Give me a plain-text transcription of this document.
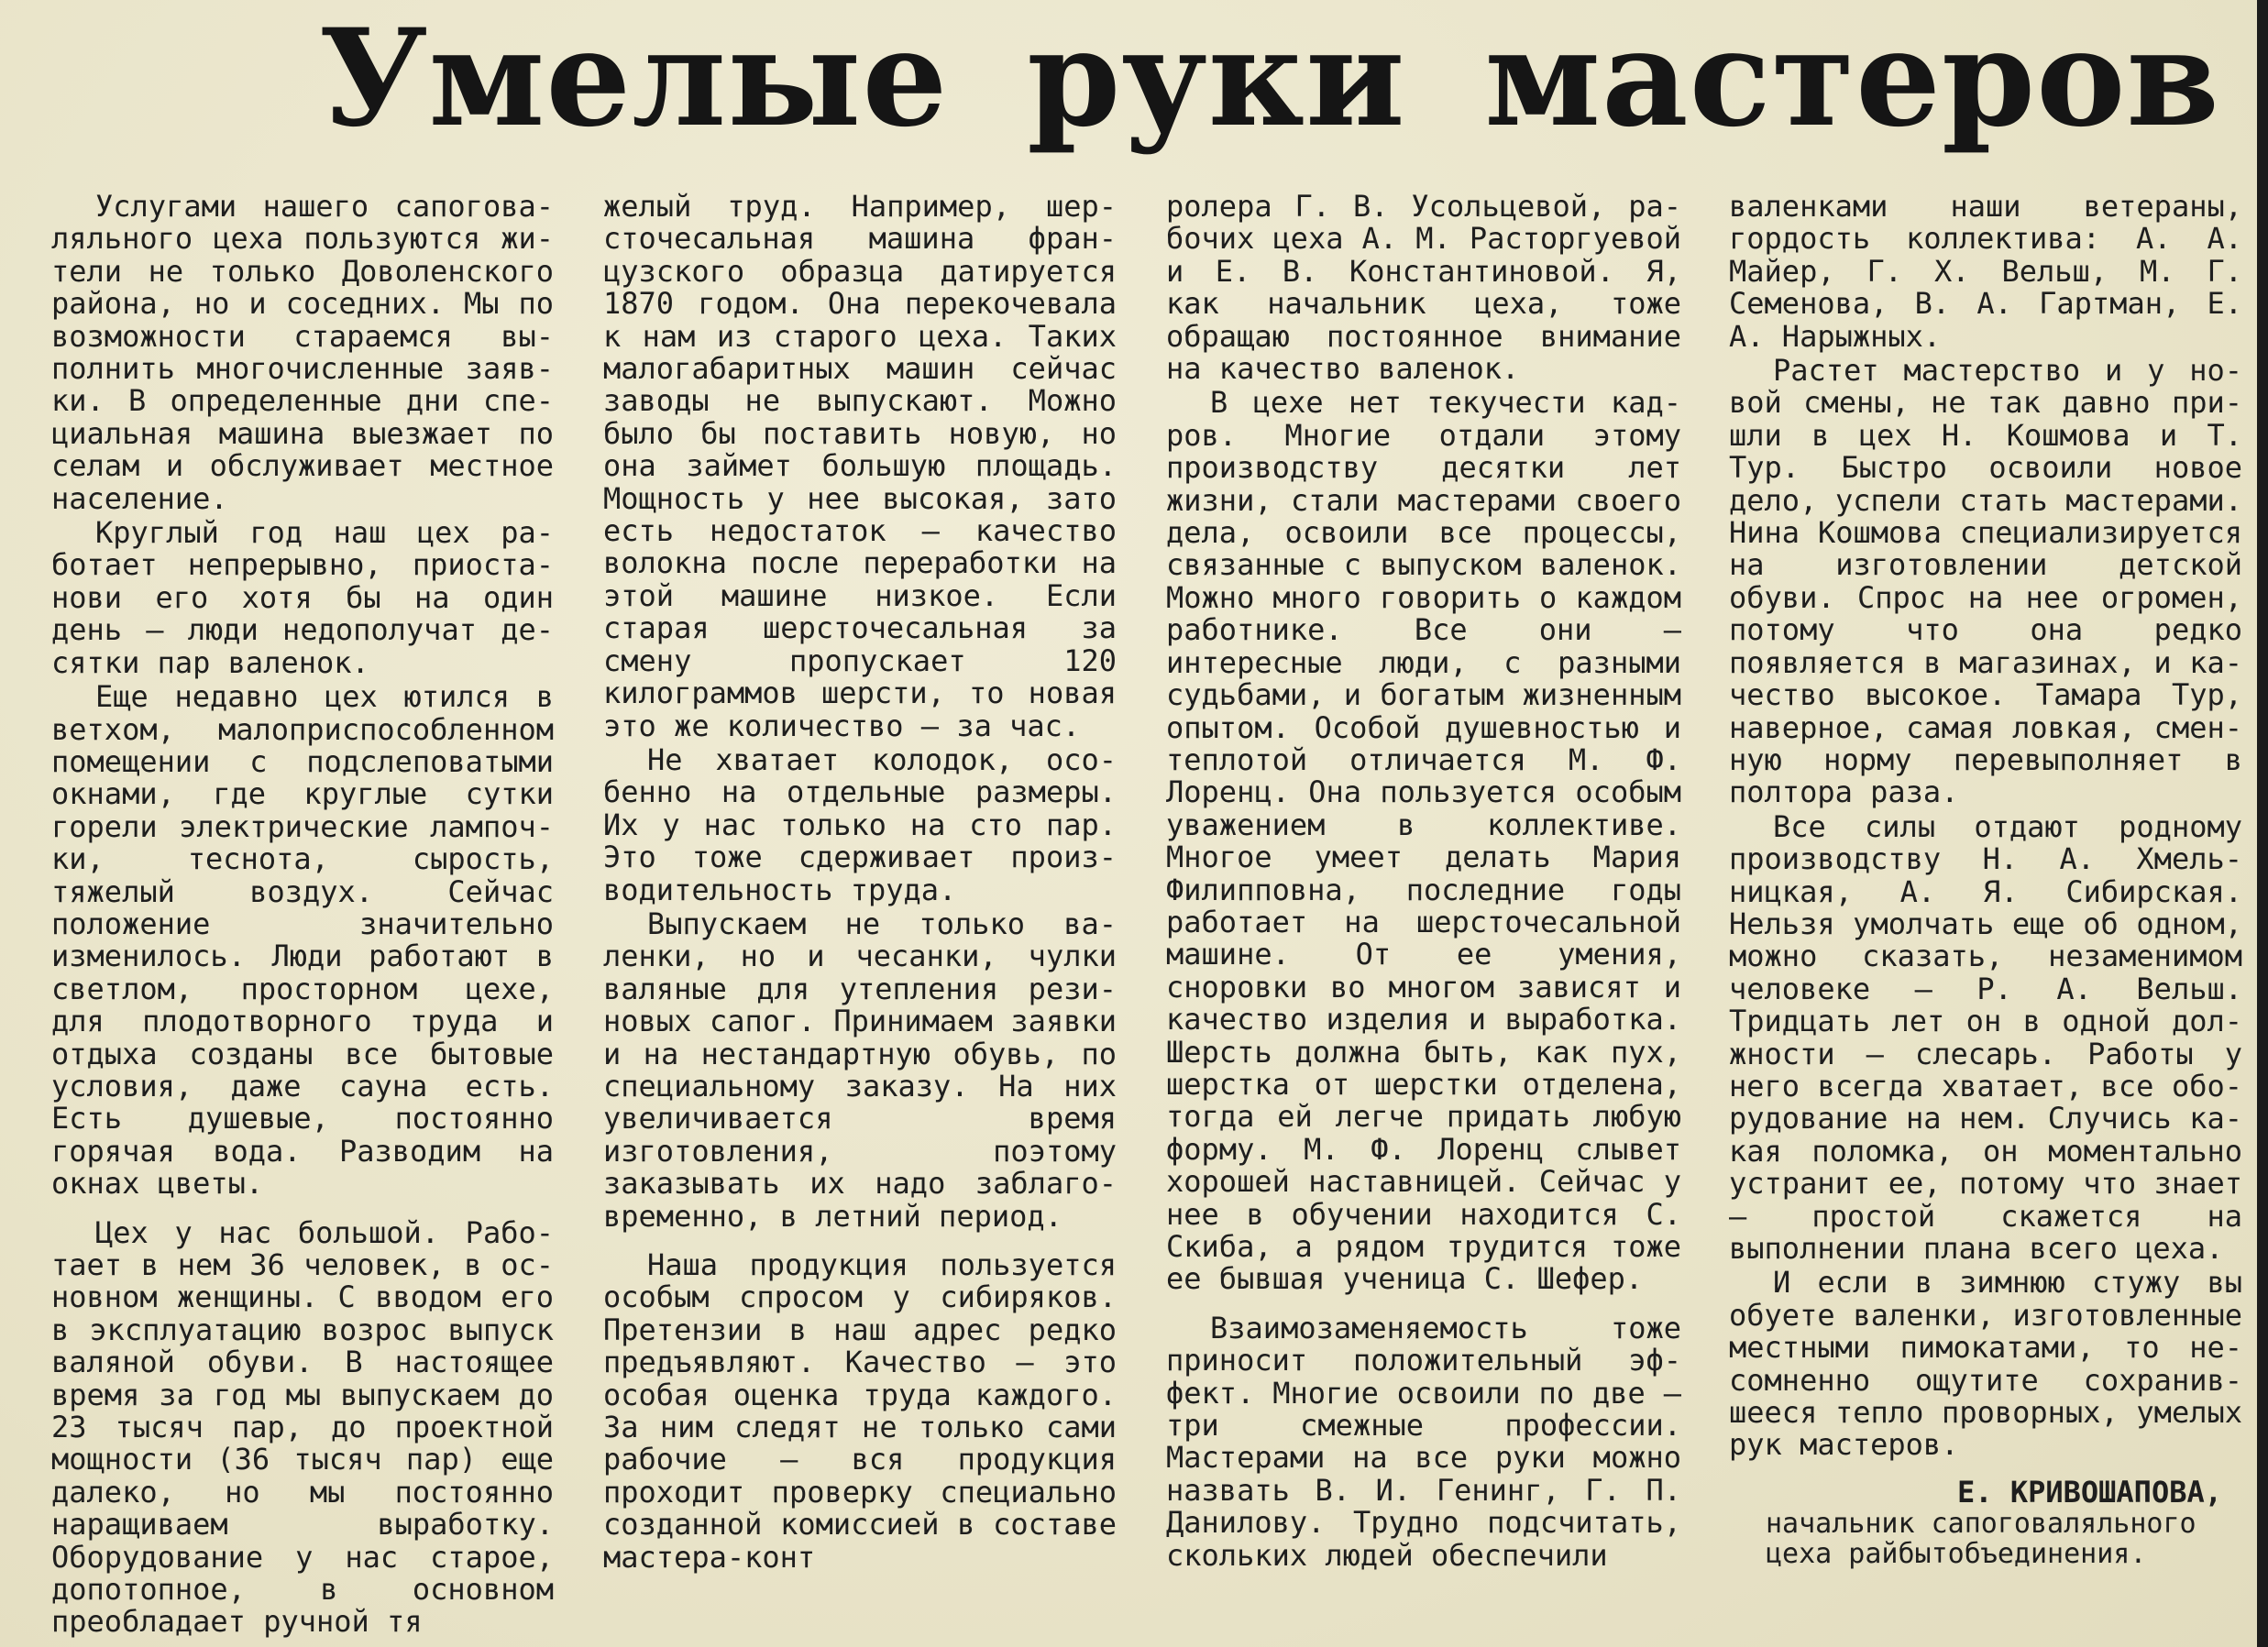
Умелые руки мастеров

Услугами нашего сапоговаляльного цеха пользуются жители не только Доволенского района, но и соседних. Мы по возможности стараемся выполнить многочисленные заявки. В определенные дни специальная машина выезжает по селам и обслуживает местное население.

Круглый год наш цех работает непрерывно, приостанови его хотя бы на один день — люди недополучат десятки пар валенок.

Еще недавно цех ютился в ветхом, малоприспособленном помещении с подслеповатыми окнами, где круглые сутки горели электрические лампочки, теснота, сырость, тяжелый воздух. Сейчас положение значительно изменилось. Люди работают в светлом, просторном цехе, для плодотворного труда и отдыха созданы все бытовые условия, даже сауна есть. Есть душевые, постоянно горячая вода. Разводим на окнах цветы.

Цех у нас большой. Работает в нем 36 человек, в основном женщины. С вводом его в эксплуатацию возрос выпуск валяной обуви. В настоящее время за год мы выпускаем до 23 тысяч пар, до проектной мощности (36 тысяч пар) еще далеко, но мы постоянно наращиваем выработку. Оборудование у нас старое, допотопное, в основном преобладает ручной тя

желый труд. Например, шерсточесальная машина французского образца датируется 1870 годом. Она перекочевала к нам из старого цеха. Таких малогабаритных машин сейчас заводы не выпускают. Можно было бы поставить новую, но она займет большую площадь. Мощность у нее высокая, зато есть недостаток — качество волокна после переработки на этой машине низкое. Если старая шерсточесальная за смену пропускает 120 килограммов шерсти, то новая это же количество — за час.

Не хватает колодок, особенно на отдельные размеры. Их у нас только на сто пар. Это тоже сдерживает производительность труда.

Выпускаем не только валенки, но и чесанки, чулки валяные для утепления резиновых сапог. Принимаем заявки и на нестандартную обувь, по специальному заказу. На них увеличивается время изготовления, поэтому заказывать их надо заблаговременно, в летний период.

Наша продукция пользуется особым спросом у сибиряков. Претензии в наш адрес редко предъявляют. Качество — это особая оценка труда каждого. За ним следят не только сами рабочие — вся продукция проходит проверку специально созданной комиссией в составе мастера-конт

ролера Г. В. Усольцевой, рабочих цеха А. М. Расторгуевой и Е. В. Константиновой. Я, как начальник цеха, тоже обращаю постоянное внимание на качество валенок.

В цехе нет текучести кадров. Многие отдали этому производству десятки лет жизни, стали мастерами своего дела, освоили все процессы, связанные с выпуском валенок. Можно много говорить о каждом работнике. Все они — интересные люди, с разными судьбами, и богатым жизненным опытом. Особой душевностью и теплотой отличается М. Ф. Лоренц. Она пользуется особым уважением в коллективе. Многое умеет делать Мария Филипповна, последние годы работает на шерсточесальной машине. От ее умения, сноровки во многом зависят и качество изделия и выработка. Шерсть должна быть, как пух, шерстка от шерстки отделена, тогда ей легче придать любую форму. М. Ф. Лоренц слывет хорошей наставницей. Сейчас у нее в обучении находится С. Скиба, а рядом трудится тоже ее бывшая ученица С. Шефер.

Взаимозаменяемость тоже приносит положительный эффект. Многие освоили по две —три смежные профессии. Мастерами на все руки можно назвать В. И. Генинг, Г. П. Данилову. Трудно подсчитать, скольких людей обеспечили

валенками наши ветераны, гордость коллектива: А. А. Майер, Г. Х. Вельш, М. Г. Семенова, В. А. Гартман, Е. А. Нарыжных.

Растет мастерство и у новой смены, не так давно пришли в цех Н. Кошмова и Т. Тур. Быстро освоили новое дело, успели стать мастерами. Нина Кошмова специализируется на изготовлении детской обуви. Спрос на нее огромен, потому что она редко появляется в магазинах, и качество высокое. Тамара Тур, наверное, самая ловкая, сменную норму перевыполняет в полтора раза.

Все силы отдают родному производству Н. А. Хмельницкая, А. Я. Сибирская. Нельзя умолчать еще об одном, можно сказать, незаменимом человеке — Р. А. Вельш. Тридцать лет он в одной должности — слесарь. Работы у него всегда хватает, все оборудование на нем. Случись какая поломка, он моментально устранит ее, потому что знает — простой скажется на выполнении плана всего цеха.

И если в зимнюю стужу вы обуете валенки, изготовленные местными пимокатами, то несомненно ощутите сохранившееся тепло проворных, умелых рук мастеров.

Е. КРИВОШАПОВА,
начальник сапоговаляльного цеха райбытобъединения.
